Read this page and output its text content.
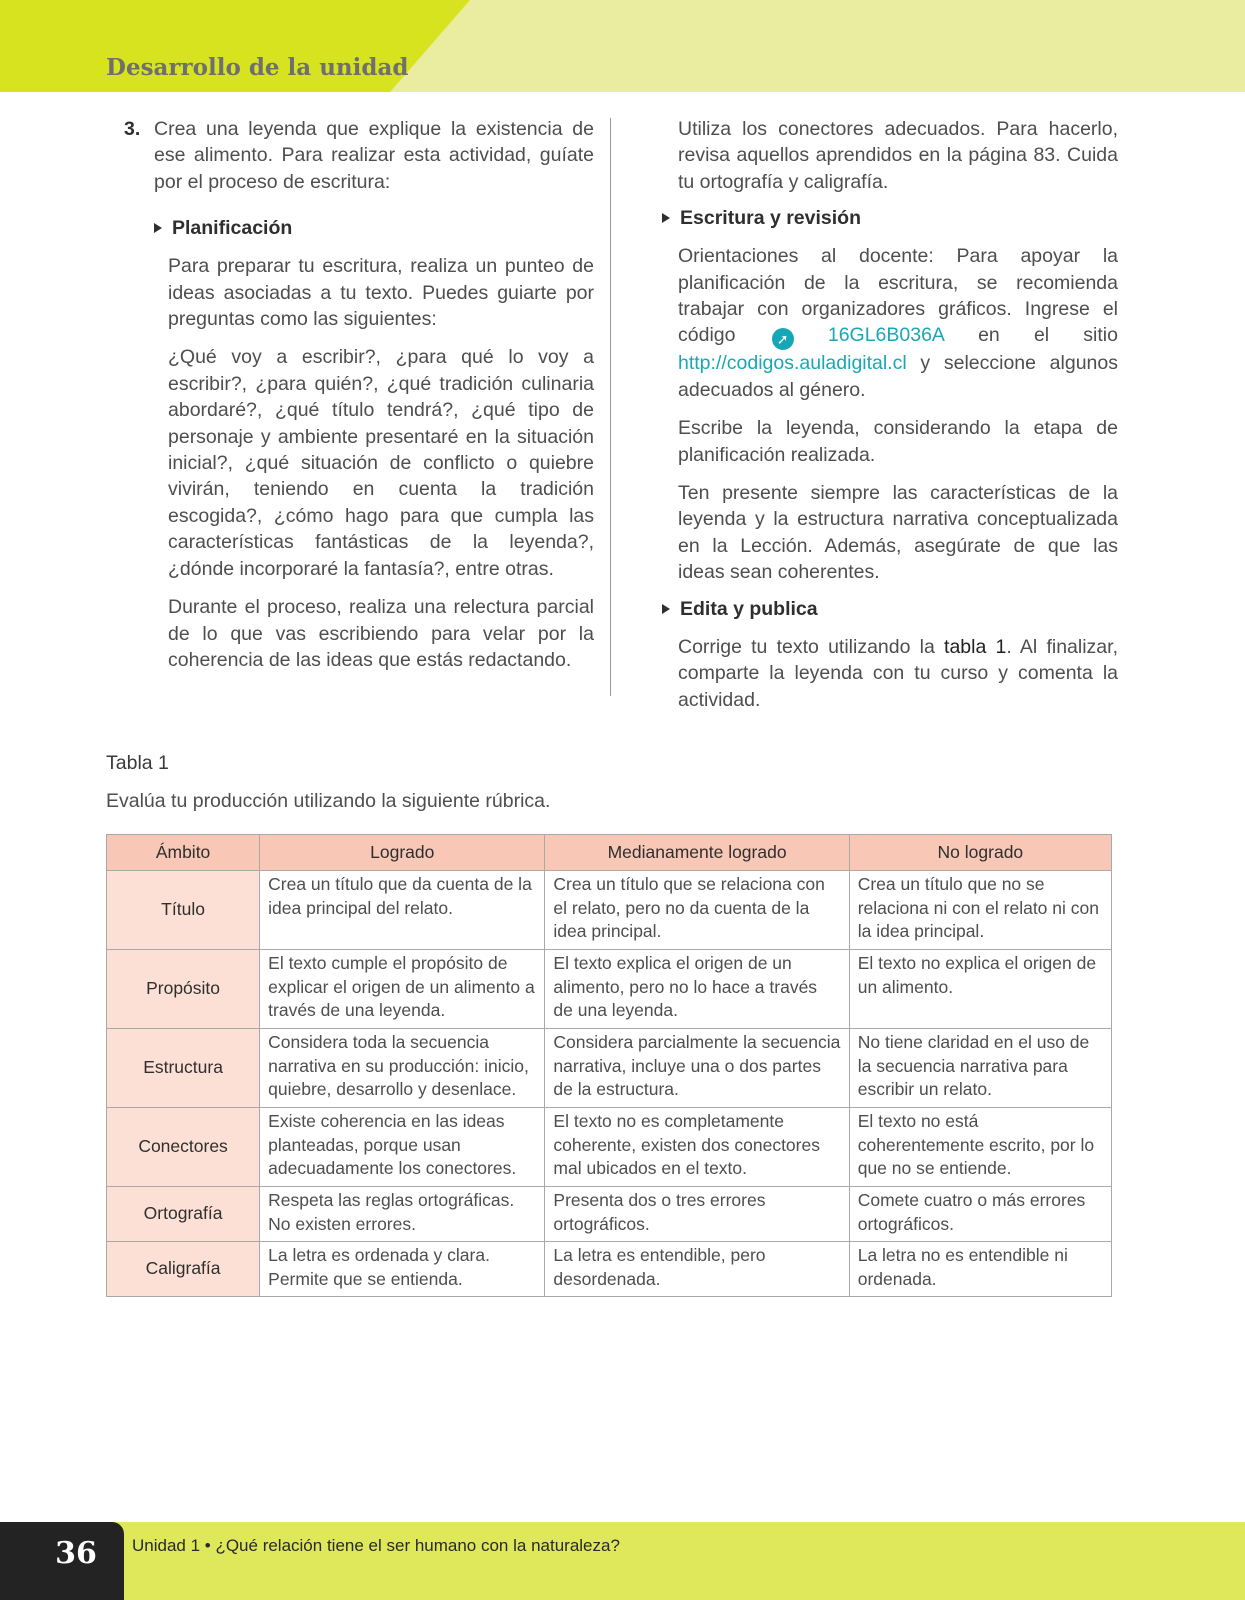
Desarrollo de la unidad
3. Crea una leyenda que explique la existencia de ese alimento. Para realizar esta actividad, guíate por el proceso de escritura:
Planificación

Para preparar tu escritura, realiza un punteo de ideas asociadas a tu texto. Puedes guiarte por preguntas como las siguientes:

¿Qué voy a escribir?, ¿para qué lo voy a escribir?, ¿para quién?, ¿qué tradición culinaria abordaré?, ¿qué título tendrá?, ¿qué tipo de personaje y ambiente presentaré en la situación inicial?, ¿qué situación de conflicto o quiebre vivirán, teniendo en cuenta la tradición escogida?, ¿cómo hago para que cumpla las características fantásticas de la leyenda?, ¿dónde incorporaré la fantasía?, entre otras.

Durante el proceso, realiza una relectura parcial de lo que vas escribiendo para velar por la coherencia de las ideas que estás redactando.

Utiliza los conectores adecuados. Para hacerlo, revisa aquellos aprendidos en la página 83. Cuida tu ortografía y caligrafía.

Escritura y revisión

Orientaciones al docente: Para apoyar la planificación de la escritura, se recomienda trabajar con organizadores gráficos. Ingrese el código	➚ 16GL6B036A en el sitio http://codigos.auladigital.cl y seleccione algunos adecuados al género.

Escribe la leyenda, considerando la etapa de planificación realizada.

Ten presente siempre las características de la leyenda y la estructura narrativa conceptualizada en la Lección. Además, asegúrate de que las ideas sean coherentes.

Edita y publica

Corrige tu texto utilizando la tabla 1. Al finalizar, comparte la leyenda con tu curso y comenta la actividad.

Tabla 1
Evalúa tu producción utilizando la siguiente rúbrica.
Ámbito	Logrado	Medianamente logrado	No logrado
Título	Crea un título que da cuenta de la idea principal del relato.	Crea un título que se relaciona con el relato, pero no da cuenta de la idea principal.	Crea un título que no se relaciona ni con el relato ni con la idea principal.
Propósito	El texto cumple el propósito de explicar el origen de un alimento a través de una leyenda.	El texto explica el origen de un alimento, pero no lo hace a través de una leyenda.	El texto no explica el origen de un alimento.
Estructura	Considera toda la secuencia narrativa en su producción: inicio, quiebre, desarrollo y desenlace.	Considera parcialmente la secuencia narrativa, incluye una o dos partes de la estructura.	No tiene claridad en el uso de la secuencia narrativa para escribir un relato.
Conectores	Existe coherencia en las ideas planteadas, porque usan adecuadamente los conectores.	El texto no es completamente coherente, existen dos conectores mal ubicados en el texto.	El texto no está coherentemente escrito, por lo que no se entiende.
Ortografía	Respeta las reglas ortográficas. No existen errores.	Presenta dos o tres errores ortográficos.	Comete cuatro o más errores ortográficos.
Caligrafía	La letra es ordenada y clara. Permite que se entienda.	La letra es entendible, pero desordenada.	La letra no es entendible ni ordenada.
36	Unidad 1 • ¿Qué relación tiene el ser humano con la naturaleza?
